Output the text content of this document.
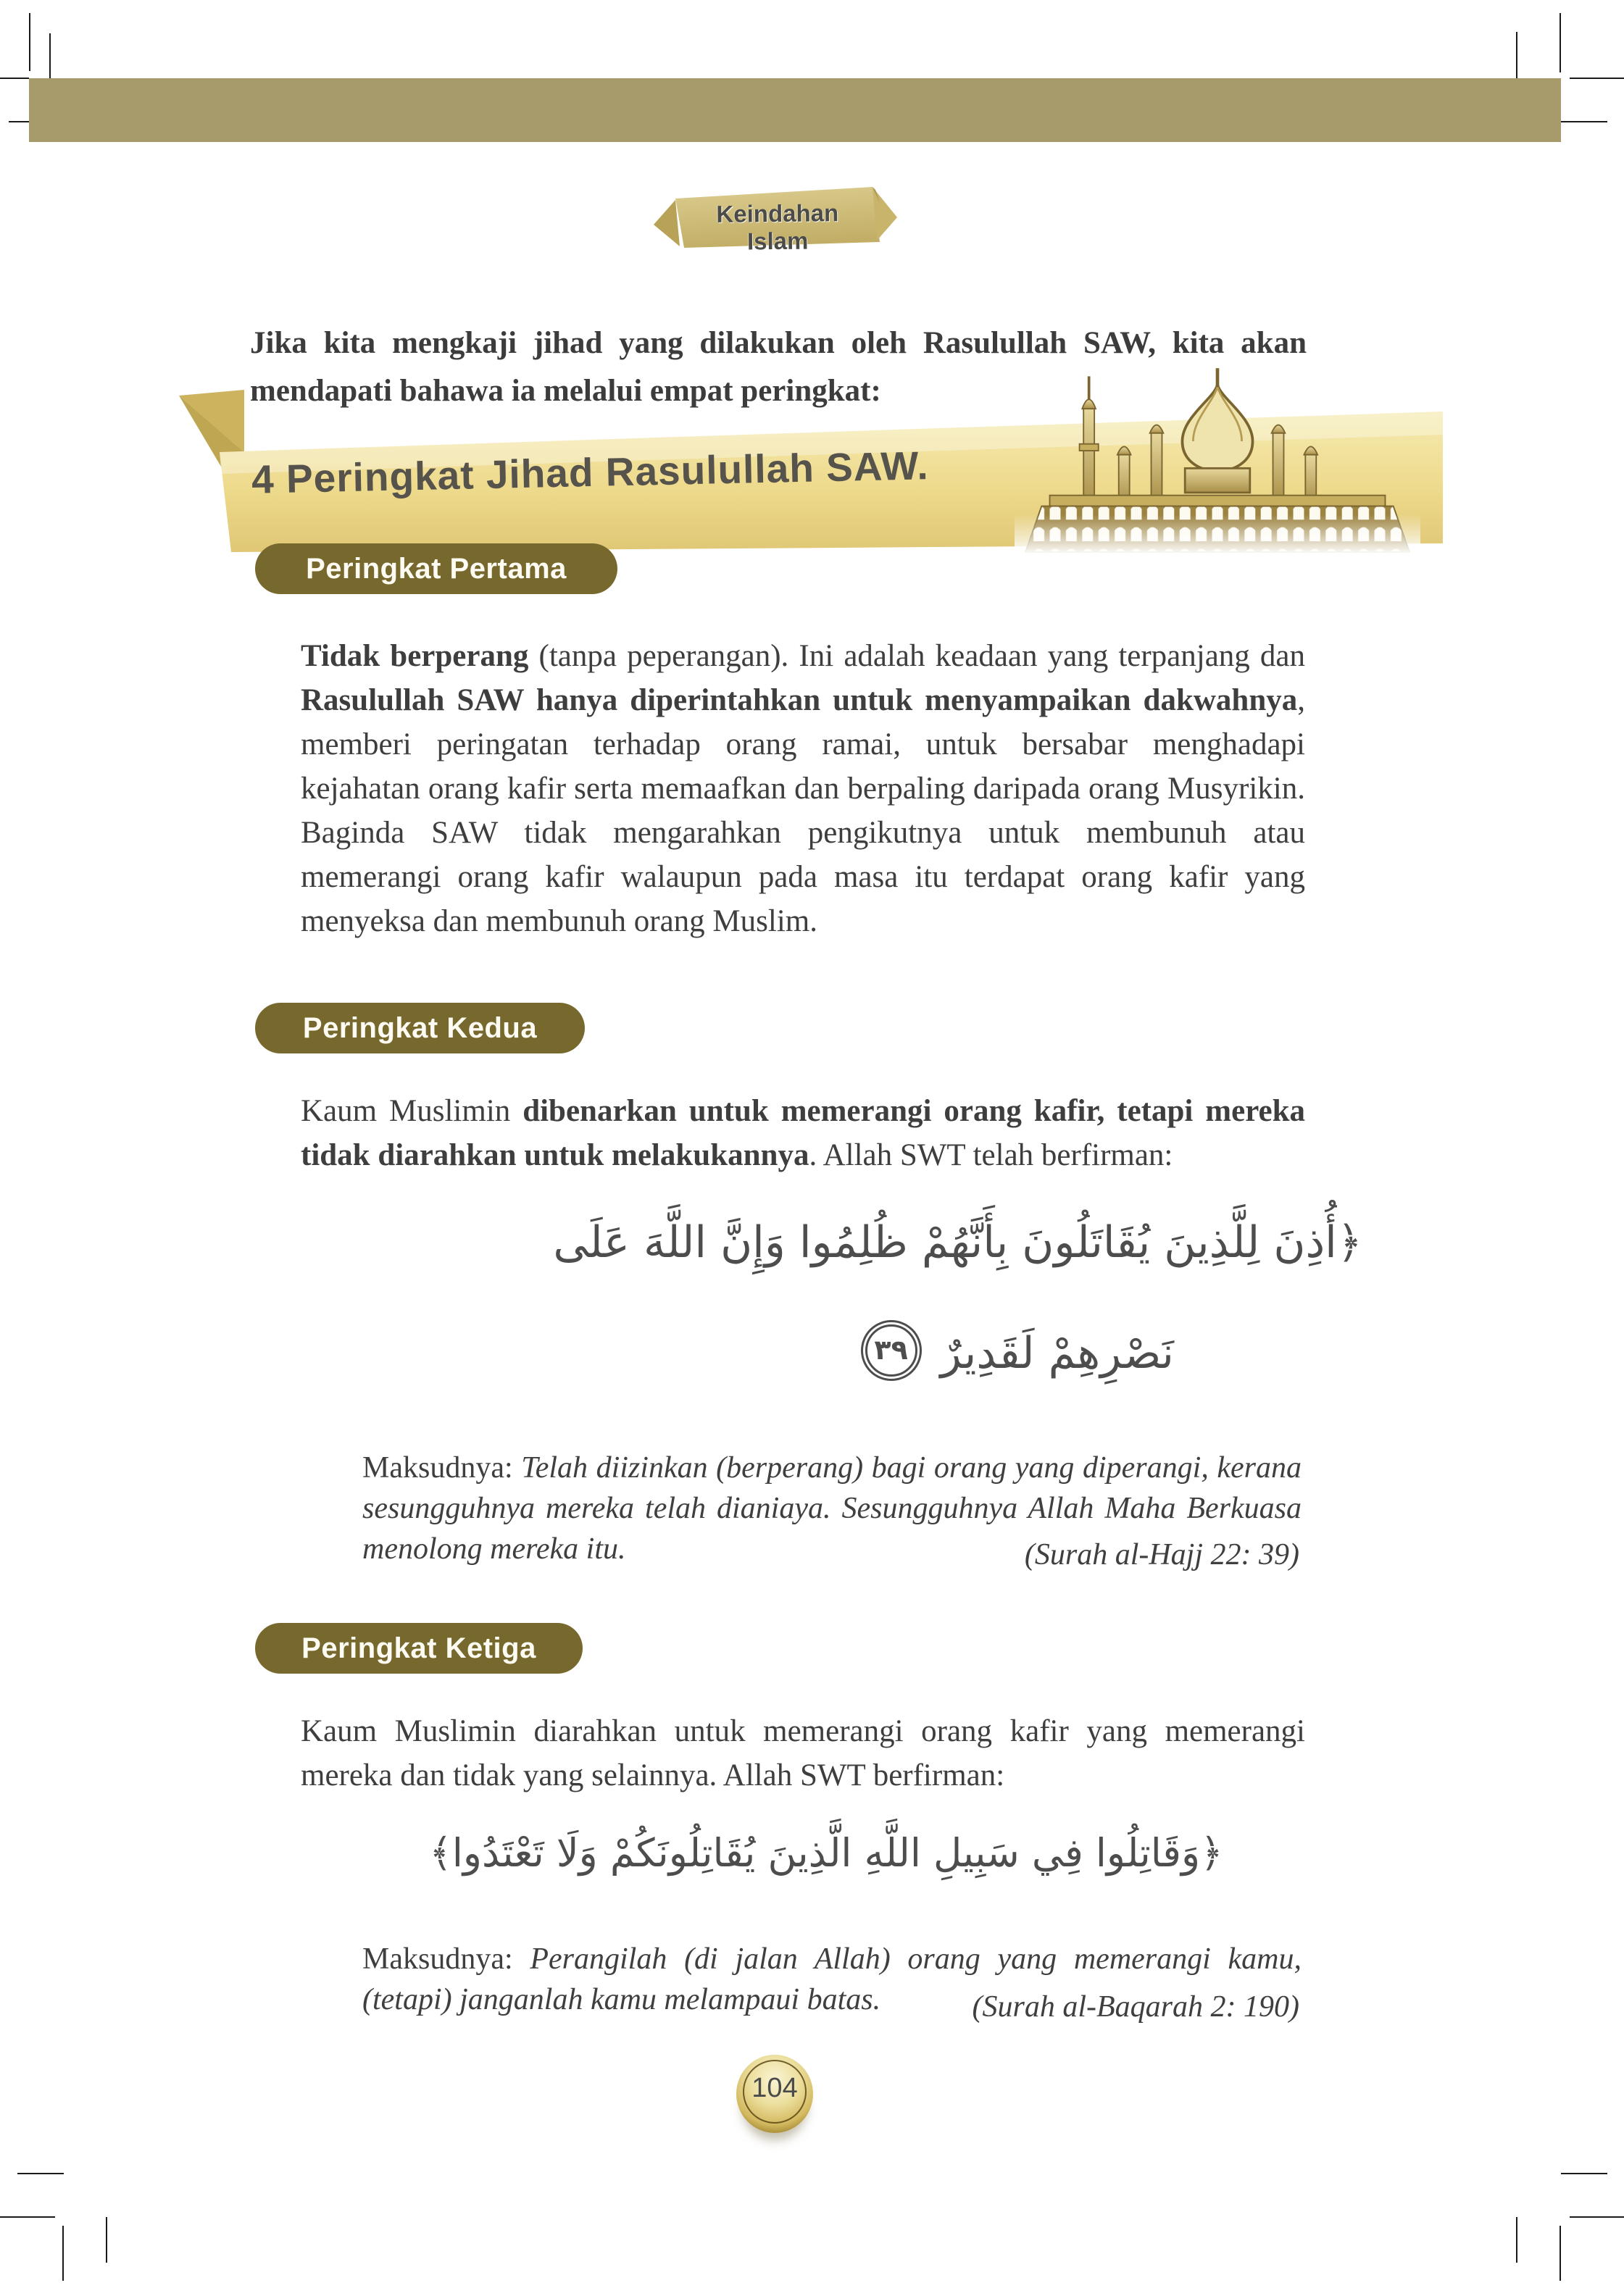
Keindahan Islam

Jika kita mengkaji jihad yang dilakukan oleh Rasulullah SAW, kita akan mendapati bahawa ia melalui empat peringkat:

4 Peringkat Jihad Rasulullah SAW.
Peringkat Pertama

Tidak berperang (tanpa peperangan). Ini adalah keadaan yang terpanjang dan Rasulullah SAW hanya diperintahkan untuk menyampaikan dakwahnya, memberi peringatan terhadap orang ramai, untuk bersabar menghadapi kejahatan orang kafir serta memaafkan dan berpaling daripada orang Musyrikin. Baginda SAW tidak mengarahkan pengikutnya untuk membunuh atau memerangi orang kafir walaupun pada masa itu terdapat orang kafir yang menyeksa dan membunuh orang Muslim.

Peringkat Kedua

Kaum Muslimin dibenarkan untuk memerangi orang kafir, tetapi mereka tidak diarahkan untuk melakukannya. Allah SWT telah berfirman:

﴿أُذِنَ لِلَّذِينَ يُقَاتَلُونَ بِأَنَّهُمْ ظُلِمُوا وَإِنَّ اللَّهَ عَلَى
نَصْرِهِمْ لَقَدِيرٌ٣٩

Maksudnya: Telah diizinkan (berperang) bagi orang yang diperangi, kerana sesungguhnya mereka telah dianiaya. Sesungguhnya Allah Maha Berkuasa menolong mereka itu.	(Surah al-Hajj 22: 39)
Peringkat Ketiga

Kaum Muslimin diarahkan untuk memerangi orang kafir yang memerangi mereka dan tidak yang selainnya. Allah SWT berfirman:

﴿وَقَاتِلُوا فِي سَبِيلِ اللَّهِ الَّذِينَ يُقَاتِلُونَكُمْ وَلَا تَعْتَدُوا﴾

Maksudnya: Perangilah (di jalan Allah) orang yang memerangi kamu, (tetapi) janganlah kamu melampaui batas.	(Surah al-Baqarah 2: 190)
104
